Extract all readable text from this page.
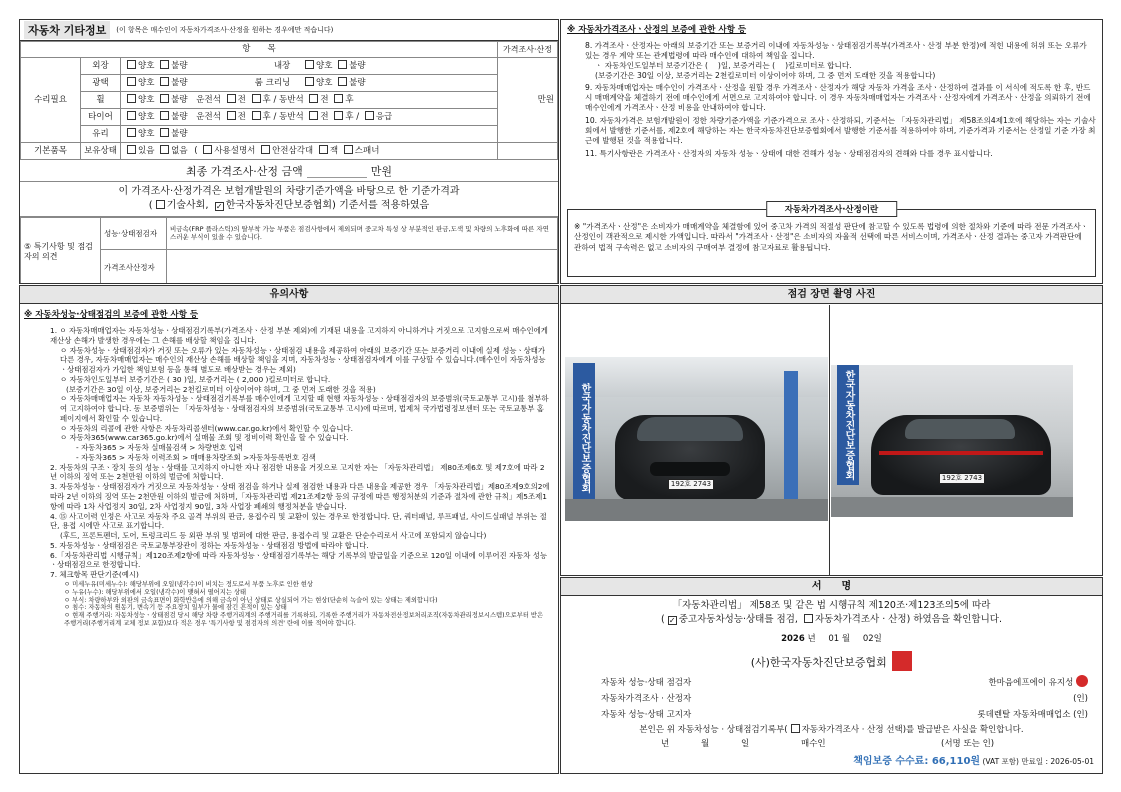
자동차 기타정보	(이 항목은 매수인이 자동차가격조사·산정을 원하는 경우에만 적습니다)
항　　목			가격조사·산정
수리필요	외장	양호 불량 내장 양호 불량	만원
	광택	양호 불량 룸 크리닝 양호 불량	
	휠	양호 불량 운전석 전 후 / 동반석 전 후	
	타이어	양호 불량 운전석 전 후 / 동반석 전 후 / 응급	
	유리	양호 불량	
기본품목	보유상태	있음 없음 ( 사용설명서 안전삼각대 잭 스패너	
최종 가격조사·산정 금액	만원
이 가격조사·산정가격은 보험개발원의 차량기준가액을 바탕으로 한 기준가격과
( 기술사회, ✓ 한국자동차진단보증협회) 기준서를 적용하였음
⑤ 특기사항 및 점검자의 의견	성능·상태점검자	비금속(FRP 플라스틱)의 탈부착 가능 부품은 점검사항에서 제외되며 중고차 특성 상 부분적인 판금,도색 및 차량의 노후화에 따른 자연스러운 부식이 있을 수 있습니다.
	가격조사산정자	
※ 자동차가격조사ㆍ산정의 보증에 관한 사항 등

8. 가격조사ㆍ산정자는 아래의 보증기간 또는 보증거리 이내에 자동차성능ㆍ상태점검기록부(가격조사ㆍ산정 부분 한정)에 적힌 내용에 허위 또는 오류가 있는 경우 계약 또는 관계법령에 따라 매수인에 대하여 책임을 집니다.

ㆍ 자동차인도일부터 보증기간은 (　 )일, 보증거리는 (　 )킬로미터로 합니다.

(보증기간은 30일 이상, 보증거리는 2천킬로미터 이상이어야 하며, 그 중 먼저 도래한 것을 적용합니다)

9. 자동차매매업자는 매수인이 가격조사ㆍ산정을 원할 경우 가격조사ㆍ산정자가 해당 자동차 가격을 조사ㆍ산정하여 결과를 이 서식에 적도록 한 후, 반드시 매매계약을 체결하기 전에 매수인에게 서면으로 고지하여야 합니다. 이 경우 자동차매매업자는 가격조사ㆍ산정자에게 가격조사ㆍ산정을 의뢰하기 전에 매수인에게 가격조사ㆍ산정 비용을 안내하여야 합니다.

10. 자동차가격은 보험개발원이 정한 차량기준가액을 기준가격으로 조사ㆍ산정하되, 기준서는 「자동차관리법」 제58조의4제1호에 해당하는 자는 기술사회에서 발행한 기준서를, 제2호에 해당하는 자는 한국자동차진단보증협회에서 발행한 기준서를 적용하여야 하며, 기준가격과 기준서는 산정일 기준 가장 최근에 발행된 것을 적용합니다.

11. 특기사항란은 가격조사ㆍ산정자의 자동차 성능ㆍ상태에 대한 견해가 성능ㆍ상태점검자의 견해와 다를 경우 표시합니다.

자동차가격조사·산정이란
※ "가격조사ㆍ산정"은 소비자가 매매계약을 체결함에 있어 중고차 가격의 적절성 판단에 참고할 수 있도록 법령에 의한 절차와 기준에 따라 전문 가격조사ㆍ산정인이 객관적으로 제시한 가액입니다. 따라서 "가격조사ㆍ산정"은 소비자의 자율적 선택에 따른 서비스이며, 가격조사ㆍ산정 결과는 중고자 가격판단에 관하여 법적 구속력은 없고 소비자의 구매여부 결정에 참고자료로 활용됩니다.
유의사항
※ 자동차성능·상태점검의 보증에 관한 사항 등

1. ㅇ 자동차매매업자는 자동차성능ㆍ상태점검기록부(가격조사ㆍ산정 부분 제외)에 기재된 내용을 고지하지 아니하거나 거짓으로 고지함으로써 매수인에게 재산상 손해가 발생한 경우에는 그 손해를 배상할 책임을 집니다.

ㅇ 자동차성능ㆍ상태점검자가 거짓 또는 오류가 있는 자동차성능ㆍ상태점검 내용을 제공하여 아래의 보증기간 또는 보증거리 이내에 실제 성능ㆍ상태가 다른 경우, 자동차매매업자는 매수인의 재산상 손해를 배상할 책임을 지며, 자동차성능ㆍ상태점검자에게 이를 구상할 수 있습니다.(매수인이 자동차성능ㆍ상태점검자가 가입한 책임보험 등을 통해 별도로 배상받는 경우는 제외)

ㅇ 자동차인도일부터 보증기간은 ( 30 )일, 보증거리는 ( 2,000 )킬로미터로 합니다.

(보증기간은 30일 이상, 보증거리는 2천킬로미터 이상이어야 하며, 그 중 먼저 도래한 것을 적용)

ㅇ 자동차매매업자는 자동차 자동차성능ㆍ상태점검기록부를 매수인에게 고지할 때 현행 자동차성능ㆍ상태점검자의 보증범위(국토교통부 고시)를 첨부하여 고지하여야 합니다. 동 보증범위는 「자동차성능ㆍ상태점검자의 보증범위(국토교통부 고시)에 따르며, 법제처 국가법령정보센터 또는 국토교통부 홈페이지에서 확인할 수 있습니다.

ㅇ 자동차의 리콜에 관한 사항은 자동차리콜센터(www.car.go.kr)에서 확인할 수 있습니다.

ㅇ 자동차365(www.car365.go.kr)에서 실매물 조회 및 정비이력 확인을 할 수 있습니다.

- 자동차365 > 자동차 실매물검색 > 차량번호 입력

- 자동차365 > 자동차 이력조회 > 매매용차량조회 >자동차등록번호 검색

2. 자동차의 구조ㆍ장치 등의 성능ㆍ상태를 고지하지 아니한 자나 점검한 내용을 거짓으로 고지한 자는 「자동차관리법」 제80조제6호 및 제7호에 따라 2년 이하의 징역 또는 2천만원 이하의 벌금에 처합니다.

3. 자동차성능ㆍ상태점검자가 거짓으로 자동차성능ㆍ상태 점검을 하거나 실제 점검한 내용과 다른 내용을 제공한 경우 「자동차관리법」제80조제9호의2에 따라 2년 이하의 징역 또는 2천만원 이하의 벌금에 처하며,「자동차관리법 제21조제2항 등의 규정에 따른 행정처분의 기준과 절차에 관한 규칙」제5조제1항에 따라 1차 사업정지 30일, 2차 사업정지 90일, 3차 사업장 폐쇄의 행정처분을 받습니다.

4. ⑮ 사고이력 인정은 사고로 자동차 주요 골격 부위의 판금, 용접수리 및 교환이 있는 경우로 한정합니다. 단, 쿼터패널, 루프패널, 사이드실패널 부위는 절단, 용접 시에만 사고로 표기합니다.

(후드, 프론트펜더, 도어, 트렁크리드 등 외판 부위 및 범퍼에 대한 판금, 용접수리 및 교환은 단순수리로서 사고에 포함되지 않습니다)

5. 자동차성능ㆍ상태점검은 국토교통부장관이 정하는 자동차성능ㆍ상태점검 방법에 따라야 합니다.

6.「자동차관리법 시행규칙」제120조제2항에 따라 자동차성능ㆍ상태점검기록부는 해당 기록부의 발급일을 기준으로 120일 이내에 이루어진 자동차 성능ㆍ상태점검으로 한정합니다.

7. 체크항목 판단기준(예시)

ㅇ 미세누유(미세누수): 해당부위에 오일(냉각수)이 비치는 정도로서 부품 노후로 인한 현상

ㅇ 누유(누수): 해당부위에서 오일(냉각수)이 맺혀서 떨어지는 상태

ㅇ 부식: 차량하부와 외판의 금속표면이 화학반응에 의해 금속이 아닌 상태로 상실되어 가는 현상(단순히 녹슬어 있는 상태는 제외합니다)

ㅇ 침수: 자동차의 원동기, 변속기 등 주요장치 일부가 물에 잠긴 흔적이 있는 상태

ㅇ 현재 주행거리: 자동차성능ㆍ상태점검 당시 해당 차량 주행거리계의 주행거리를 기록하되, 기록한 주행거리가 자동차전산정보처리조직(자동차관리정보시스템)으로부터 받은 주행거리(주행거리계 교체 정보 포함)보다 적은 경우 '특기사항 및 점검자의 의견' 란에 이를 적어야 합니다.

점검 장면 촬영 사진
한국자동차진단보증협회	192호 2743
한국자동차진단보증협회	192호 2743
서　　명
「자동차관리법」 제58조 및 같은 법 시행규칙 제120조·제123조의5에 따라
( ✓ 중고자동차성능·상태를 점검, 자동차가격조사 · 산정) 하였음을 확인합니다.
2026 년 01 월 02일
(사)한국자동차진단보증협회
자동차 성능·상태 점검자	한마음에프에이 유지성
자동차가격조사 · 산정자	(인)
자동차 성능·상태 고지자	롯데렌탈 자동차매매업소 (인)
본인은 위 자동차성능 · 상태점검기록부( 자동차가격조사 · 산정 선택)를 발급받은 사실을 확인합니다.
년	월	일	매수인	(서명 또는 인)
책임보증 수수료: 66,110원 (VAT 포함) 만료일 : 2026-05-01
